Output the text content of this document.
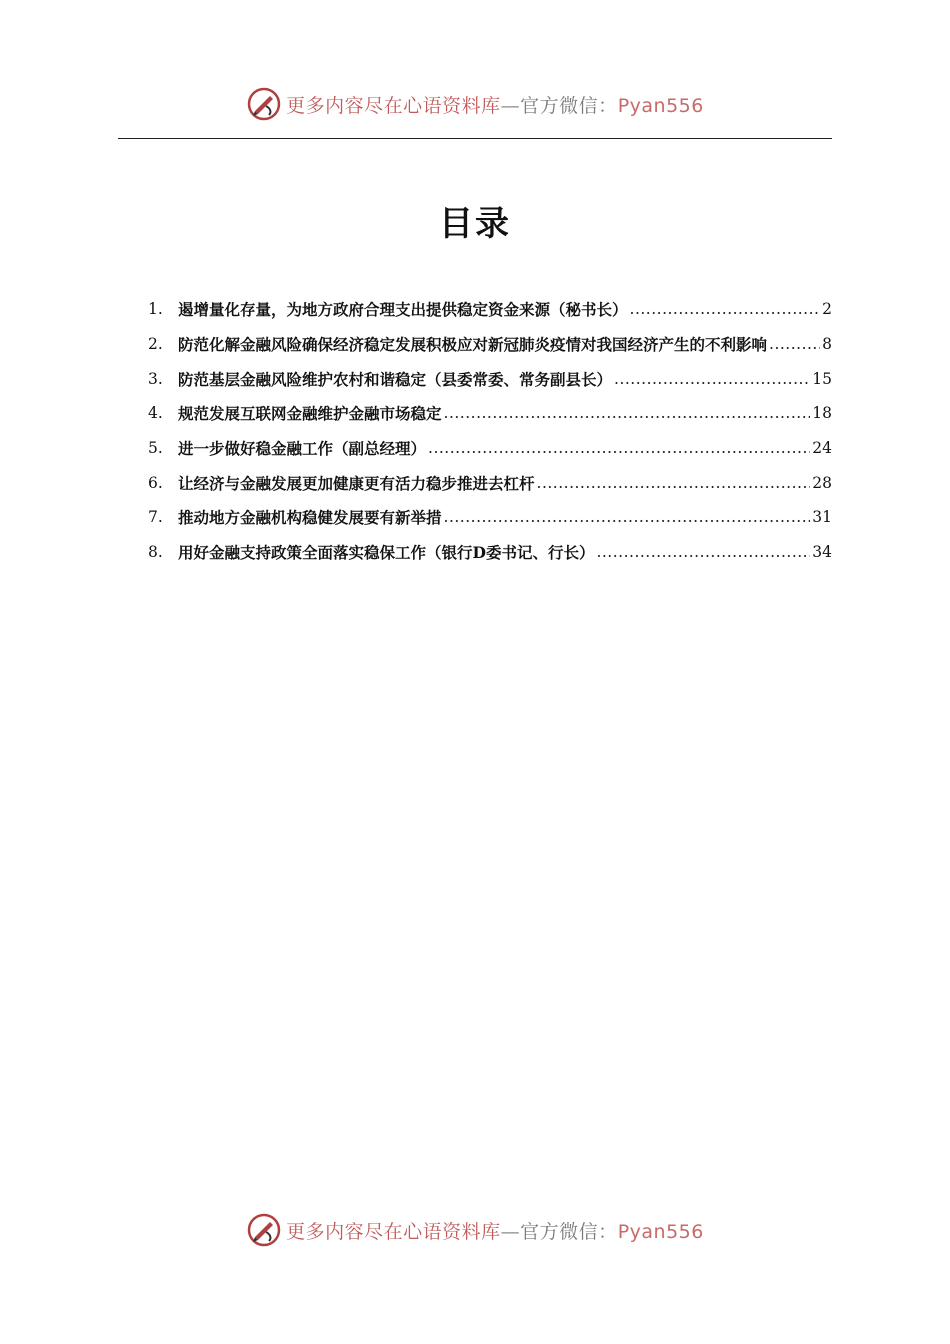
更多内容尽在心语资料库—官方微信：Pyan556
目录
1. 遏增量化存量，为地方政府合理支出提供稳定资金来源（秘书长） .....	2
2. 防范化解金融风险确保经济稳定发展积极应对新冠肺炎疫情对我国经济产生的不利影响 .....	8
3. 防范基层金融风险维护农村和谐稳定（县委常委、常务副县长） .....	15
4. 规范发展互联网金融维护金融市场稳定 .....	18
5. 进一步做好稳金融工作（副总经理） .....	24
6. 让经济与金融发展更加健康更有活力稳步推进去杠杆 .....	28
7. 推动地方金融机构稳健发展要有新举措 .....	31
8. 用好金融支持政策全面落实稳保工作（银行D委书记、行长） .....	34
更多内容尽在心语资料库—官方微信：Pyan556
